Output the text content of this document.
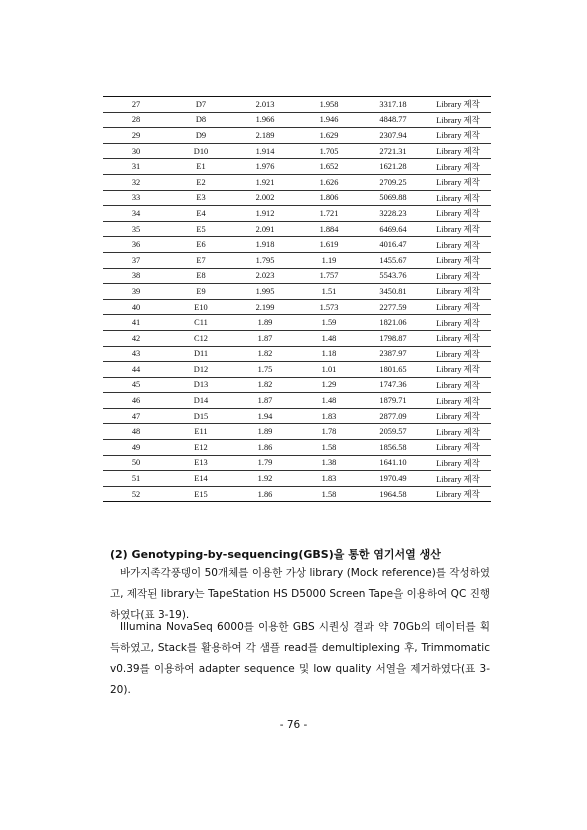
27	D7	2.013	1.958	3317.18	Library 제작
28	D8	1.966	1.946	4848.77	Library 제작
29	D9	2.189	1.629	2307.94	Library 제작
30	D10	1.914	1.705	2721.31	Library 제작
31	E1	1.976	1.652	1621.28	Library 제작
32	E2	1.921	1.626	2709.25	Library 제작
33	E3	2.002	1.806	5069.88	Library 제작
34	E4	1.912	1.721	3228.23	Library 제작
35	E5	2.091	1.884	6469.64	Library 제작
36	E6	1.918	1.619	4016.47	Library 제작
37	E7	1.795	1.19	1455.67	Library 제작
38	E8	2.023	1.757	5543.76	Library 제작
39	E9	1.995	1.51	3450.81	Library 제작
40	E10	2.199	1.573	2277.59	Library 제작
41	C11	1.89	1.59	1821.06	Library 제작
42	C12	1.87	1.48	1798.87	Library 제작
43	D11	1.82	1.18	2387.97	Library 제작
44	D12	1.75	1.01	1801.65	Library 제작
45	D13	1.82	1.29	1747.36	Library 제작
46	D14	1.87	1.48	1879.71	Library 제작
47	D15	1.94	1.83	2877.09	Library 제작
48	E11	1.89	1.78	2059.57	Library 제작
49	E12	1.86	1.58	1856.58	Library 제작
50	E13	1.79	1.38	1641.10	Library 제작
51	E14	1.92	1.83	1970.49	Library 제작
52	E15	1.86	1.58	1964.58	Library 제작
(2) Genotyping-by-sequencing(GBS)을 통한 염기서열 생산

바가지족각풍뎅이 50개체를 이용한 가상 library (Mock reference)를 작성하였고, 제작된 library는 TapeStation HS D5000 Screen Tape을 이용하여 QC 진행하였다(표 3-19).

Illumina NovaSeq 6000를 이용한 GBS 시퀀싱 결과 약 70Gb의 데이터를 획득하였고, Stack를 활용하여 각 샘플 read를 demultiplexing 후, Trimmomatic v0.39를 이용하여 adapter sequence 및 low quality 서열을 제거하였다(표 3-20).

- 76 -
